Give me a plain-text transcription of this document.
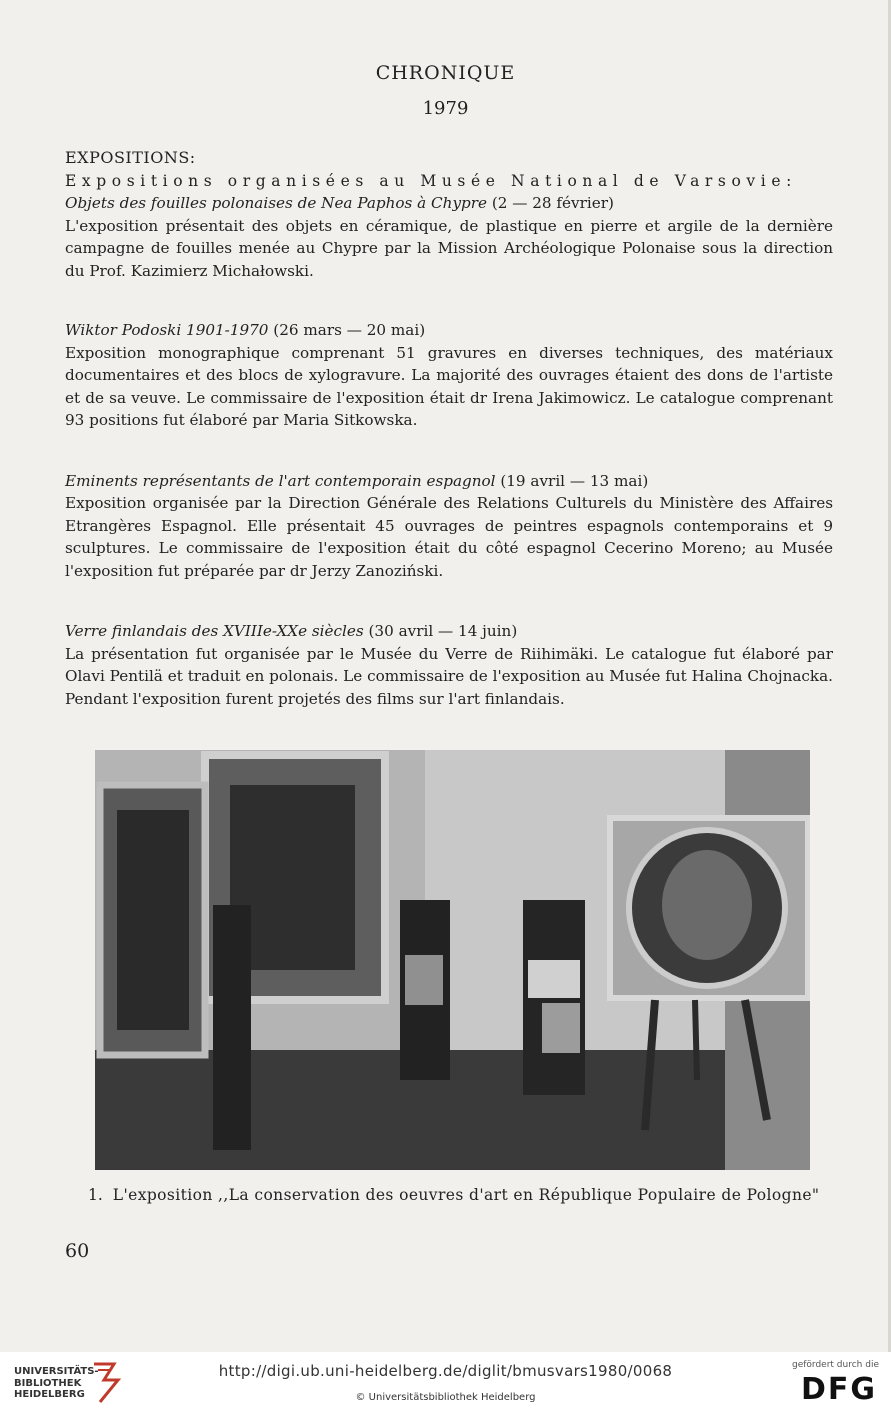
CHRONIQUE
1979
EXPOSITIONS:
Expositions organisées au Musée National de Varsovie:
Objets des fouilles polonaises de Nea Paphos à Chypre (2 — 28 février)

L'exposition présentait des objets en céramique, de plastique en pierre et argile de la dernière campagne de fouilles menée au Chypre par la Mission Archéologique Polonaise sous la direction du Prof. Kazimierz Michałowski.

Wiktor Podoski 1901-1970 (26 mars — 20 mai)

Exposition monographique comprenant 51 gravures en diverses techniques, des matériaux documentaires et des blocs de xylogravure. La majorité des ouvrages étaient des dons de l'artiste et de sa veuve. Le commissaire de l'exposition était dr Irena Jakimowicz. Le catalogue comprenant 93 positions fut élaboré par Maria Sitkowska.

Eminents représentants de l'art contemporain espagnol (19 avril — 13 mai)

Exposition organisée par la Direction Générale des Relations Culturels du Ministère des Affaires Etrangères Espagnol. Elle présentait 45 ouvrages de peintres espagnols contemporains et 9 sculptures. Le commissaire de l'exposition était du côté espagnol Cecerino Moreno; au Musée l'exposition fut préparée par dr Jerzy Zanoziński.

Verre finlandais des XVIIIe-XXe siècles (30 avril — 14 juin)

La présentation fut organisée par le Musée du Verre de Riihimäki. Le catalogue fut élaboré par Olavi Pentilä et traduit en polonais. Le commissaire de l'exposition au Musée fut Halina Chojnacka. Pendant l'exposition furent projetés des films sur l'art finlandais.

1. L'exposition ,,La conservation des oeuvres d'art en République Populaire de Pologne"
60
UNIVERSITÄTS-
BIBLIOTHEK
HEIDELBERG
http://digi.ub.uni-heidelberg.de/diglit/bmusvars1980/0068
© Universitätsbibliothek Heidelberg
gefördert durch die
DFG
